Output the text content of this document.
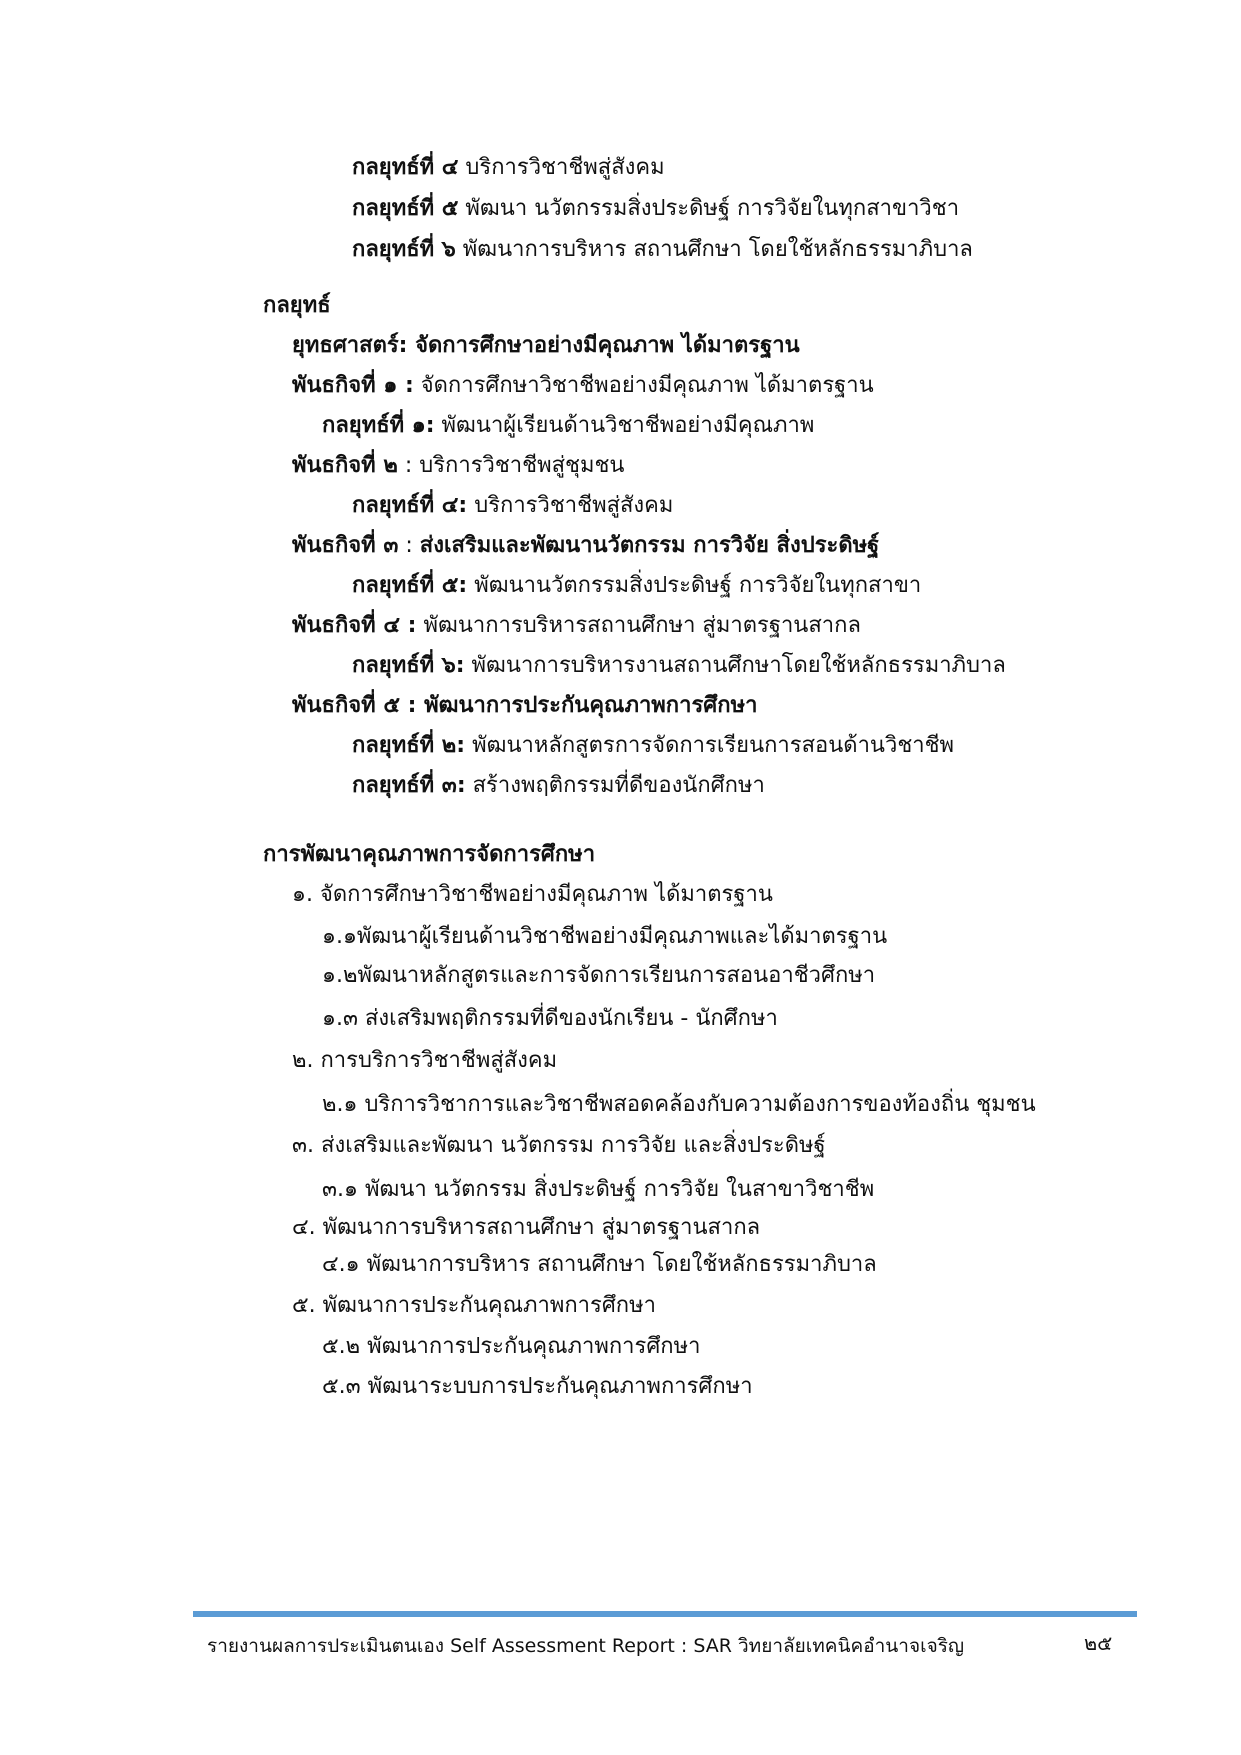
กลยุทธ์ที่ ๔ บริการวิชาชีพสู่สังคม
กลยุทธ์ที่ ๕ พัฒนา นวัตกรรมสิ่งประดิษฐ์ การวิจัยในทุกสาขาวิชา
กลยุทธ์ที่ ๖ พัฒนาการบริหาร สถานศึกษา โดยใช้หลักธรรมาภิบาล
กลยุทธ์
ยุทธศาสตร์: จัดการศึกษาอย่างมีคุณภาพ ได้มาตรฐาน
พันธกิจที่ ๑ : จัดการศึกษาวิชาชีพอย่างมีคุณภาพ ได้มาตรฐาน
กลยุทธ์ที่ ๑: พัฒนาผู้เรียนด้านวิชาชีพอย่างมีคุณภาพ
พันธกิจที่ ๒ : บริการวิชาชีพสู่ชุมชน
กลยุทธ์ที่ ๔: บริการวิชาชีพสู่สังคม
พันธกิจที่ ๓ : ส่งเสริมและพัฒนานวัตกรรม การวิจัย สิ่งประดิษฐ์
กลยุทธ์ที่ ๕: พัฒนานวัตกรรมสิ่งประดิษฐ์ การวิจัยในทุกสาขา
พันธกิจที่ ๔ : พัฒนาการบริหารสถานศึกษา สู่มาตรฐานสากล
กลยุทธ์ที่ ๖: พัฒนาการบริหารงานสถานศึกษาโดยใช้หลักธรรมาภิบาล
พันธกิจที่ ๕ : พัฒนาการประกันคุณภาพการศึกษา
กลยุทธ์ที่ ๒: พัฒนาหลักสูตรการจัดการเรียนการสอนด้านวิชาชีพ
กลยุทธ์ที่ ๓: สร้างพฤติกรรมที่ดีของนักศึกษา
การพัฒนาคุณภาพการจัดการศึกษา
๑. จัดการศึกษาวิชาชีพอย่างมีคุณภาพ ได้มาตรฐาน
๑.๑พัฒนาผู้เรียนด้านวิชาชีพอย่างมีคุณภาพและได้มาตรฐาน
๑.๒พัฒนาหลักสูตรและการจัดการเรียนการสอนอาชีวศึกษา
๑.๓ ส่งเสริมพฤติกรรมที่ดีของนักเรียน - นักศึกษา
๒. การบริการวิชาชีพสู่สังคม
๒.๑ บริการวิชาการและวิชาชีพสอดคล้องกับความต้องการของท้องถิ่น ชุมชน
๓. ส่งเสริมและพัฒนา นวัตกรรม การวิจัย และสิ่งประดิษฐ์
๓.๑ พัฒนา นวัตกรรม สิ่งประดิษฐ์ การวิจัย ในสาขาวิชาชีพ
๔. พัฒนาการบริหารสถานศึกษา สู่มาตรฐานสากล
๔.๑ พัฒนาการบริหาร สถานศึกษา โดยใช้หลักธรรมาภิบาล
๕. พัฒนาการประกันคุณภาพการศึกษา
๕.๒ พัฒนาการประกันคุณภาพการศึกษา
๕.๓ พัฒนาระบบการประกันคุณภาพการศึกษา
รายงานผลการประเมินตนเอง Self Assessment Report : SAR วิทยาลัยเทคนิคอำนาจเจริญ	๒๕
